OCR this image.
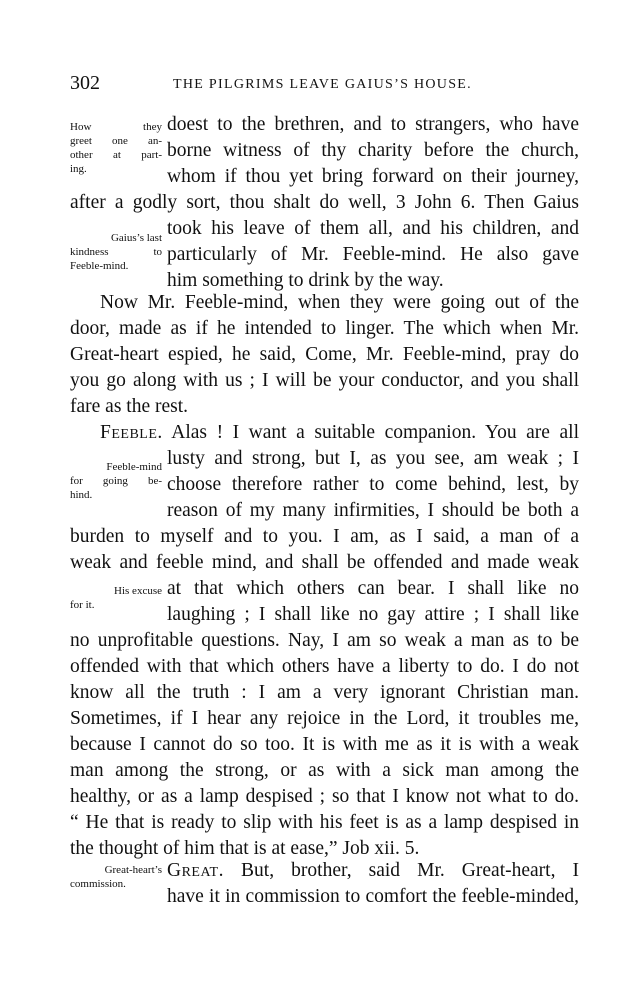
302	THE PILGRIMS LEAVE GAIUS’S HOUSE.
How they
greet one an-
other at part-
ing.
Gaius’s last
kindness to
Feeble-mind.
Feeble-mind
for going be-
hind.
His excuse
for it.
Great-heart’s
commission.
doest to the brethren, and to strangers, who have
borne witness of thy charity before the church,
whom if thou yet bring forward on their journey,
after a godly sort, thou shalt do well, 3 John 6. Then Gaius
took his leave of them all, and his children, and
particularly of Mr. Feeble-mind. He also gave
him something to drink by the way.
Now Mr. Feeble-mind, when they were going out of the
door, made as if he intended to linger. The which when Mr.
Great-heart espied, he said, Come, Mr. Feeble-mind, pray do
you go along with us ; I will be your conductor, and you shall
fare as the rest.
Feeble. Alas ! I want a suitable companion. You are all
lusty and strong, but I, as you see, am weak ; I
choose therefore rather to come behind, lest, by
reason of my many infirmities, I should be both a
burden to myself and to you. I am, as I said, a man of a
weak and feeble mind, and shall be offended and made weak
at that which others can bear. I shall like no
laughing ; I shall like no gay attire ; I shall like
no unprofitable questions. Nay, I am so weak a man as to be
offended with that which others have a liberty to do. I do not
know all the truth : I am a very ignorant Christian man.
Sometimes, if I hear any rejoice in the Lord, it troubles me,
because I cannot do so too. It is with me as it is with a weak
man among the strong, or as with a sick man among the
healthy, or as a lamp despised ; so that I know not what to do.
“ He that is ready to slip with his feet is as a lamp despised in
the thought of him that is at ease,” Job xii. 5.
Great. But, brother, said Mr. Great-heart, I
have it in commission to comfort the feeble-minded,
